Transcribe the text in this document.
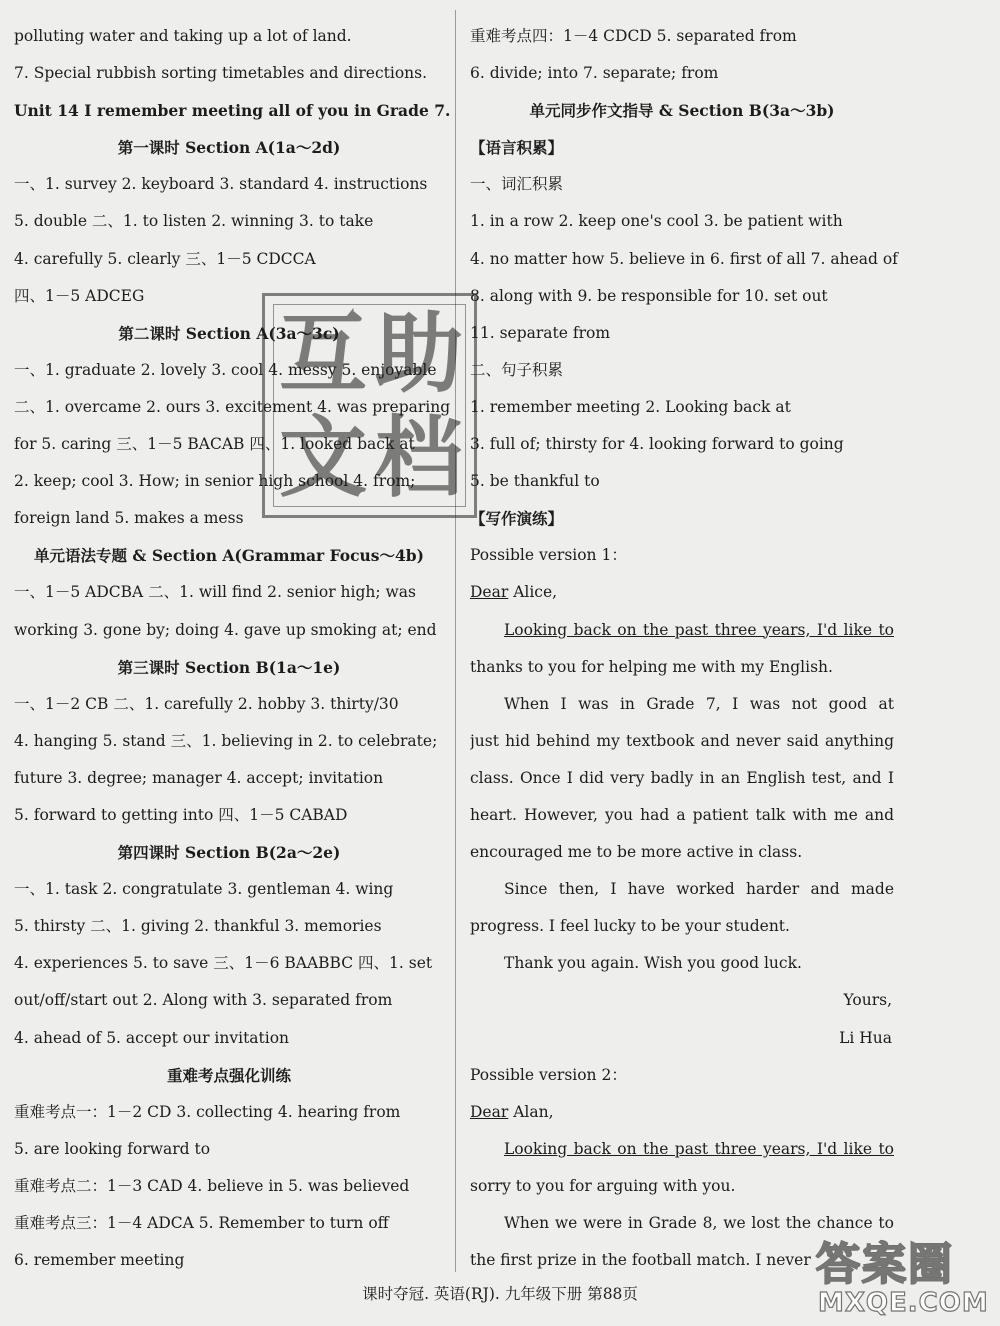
polluting water and taking up a lot of land.
7. Special rubbish sorting timetables and directions.
Unit 14 I remember meeting all of you in Grade 7.
第一课时 Section A(1a～2d)
一、1. survey 2. keyboard 3. standard 4. instructions
5. double 二、1. to listen 2. winning 3. to take
4. carefully 5. clearly 三、1－5 CDCCA
四、1－5 ADCEG
第二课时 Section A(3a～3c)
一、1. graduate 2. lovely 3. cool 4. messy 5. enjoyable
二、1. overcame 2. ours 3. excitement 4. was preparing
for 5. caring 三、1－5 BACAB 四、1. looked back at
2. keep; cool 3. How; in senior high school 4. from;
foreign land 5. makes a mess
单元语法专题 & Section A(Grammar Focus～4b)
一、1－5 ADCBA 二、1. will find 2. senior high; was
working 3. gone by; doing 4. gave up smoking at; end
第三课时 Section B(1a～1e)
一、1－2 CB 二、1. carefully 2. hobby 3. thirty/30
4. hanging 5. stand 三、1. believing in 2. to celebrate;
future 3. degree; manager 4. accept; invitation
5. forward to getting into 四、1－5 CABAD
第四课时 Section B(2a～2e)
一、1. task 2. congratulate 3. gentleman 4. wing
5. thirsty 二、1. giving 2. thankful 3. memories
4. experiences 5. to save 三、1－6 BAABBC 四、1. set
out/off/start out 2. Along with 3. separated from
4. ahead of 5. accept our invitation
重难考点强化训练
重难考点一：1－2 CD 3. collecting 4. hearing from
5. are looking forward to
重难考点二：1－3 CAD 4. believe in 5. was believed
重难考点三：1－4 ADCA 5. Remember to turn off
6. remember meeting
重难考点四：1－4 CDCD 5. separated from
6. divide; into 7. separate; from
单元同步作文指导 & Section B(3a～3b)
【语言积累】
一、词汇积累
1. in a row 2. keep one's cool 3. be patient with
4. no matter how 5. believe in 6. first of all 7. ahead of
8. along with 9. be responsible for 10. set out
11. separate from
二、句子积累
1. remember meeting 2. Looking back at
3. full of; thirsty for 4. looking forward to going
5. be thankful to
【写作演练】
Possible version 1：
Dear Alice,
Looking back on the past three years, I'd like to
thanks to you for helping me with my English.
When I was in Grade 7, I was not good at
just hid behind my textbook and never said anything
class. Once I did very badly in an English test, and I
heart. However, you had a patient talk with me and
encouraged me to be more active in class.
Since then, I have worked harder and made
progress. I feel lucky to be your student.
Thank you again. Wish you good luck.
Yours,
Li Hua
Possible version 2：
Dear Alan,
Looking back on the past three years, I'd like to
sorry to you for arguing with you.
When we were in Grade 8, we lost the chance to
the first prize in the football match. I never
互 助
文 档
课时夺冠. 英语(RJ). 九年级下册 第88页
答案圈
MXQE.COM
